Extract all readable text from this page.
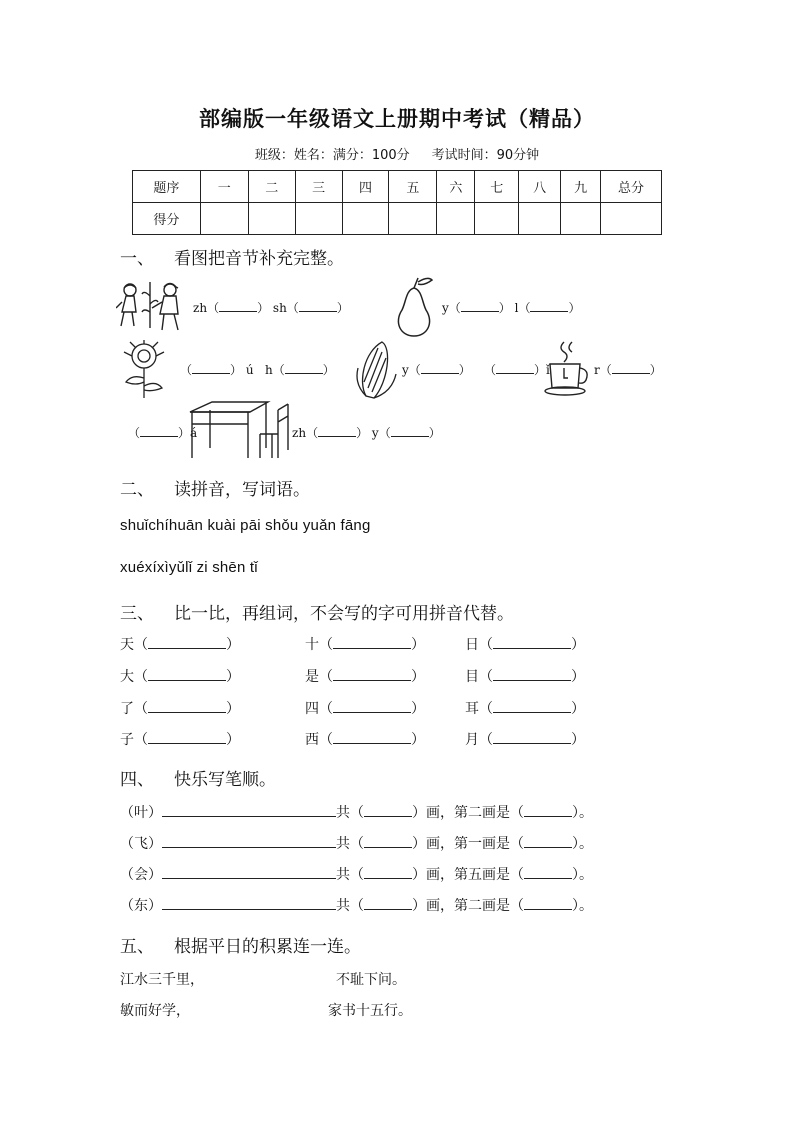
部编版一年级语文上册期中考试（精品）
班级：姓名：满分：100分 考试时间：90分钟
题序	一	二	三	四	五	六	七	八	九	总分
得分										
一、 看图把音节补充完整。
zh（	） sh（	）	y（	） l（	）
（	） ú h（	）	y（	） （	）ǐ	r（	）
（	）á	zh（	） y（	）
二、 读拼音，写词语。
shuǐchíhuān kuài pāi shǒu yuǎn fāng
xuéxíxìyǔlǐ zi shēn tǐ
三、 比一比，再组词，不会写的字可用拼音代替。
天（	）	十（	）	日（	）
大（	）	是（	）	目（	）
了（	）	四（	）	耳（	）
子（	）	西（	）	月（	）
四、 快乐写笔顺。
（叶）	共（	）画，第二画是（	）。
（飞）	共（	）画，第一画是（	）。
（会）	共（	）画，第五画是（	）。
（东）	共（	）画，第二画是（	）。
五、 根据平日的积累连一连。
江水三千里，	不耻下问。
敏而好学，	家书十五行。
